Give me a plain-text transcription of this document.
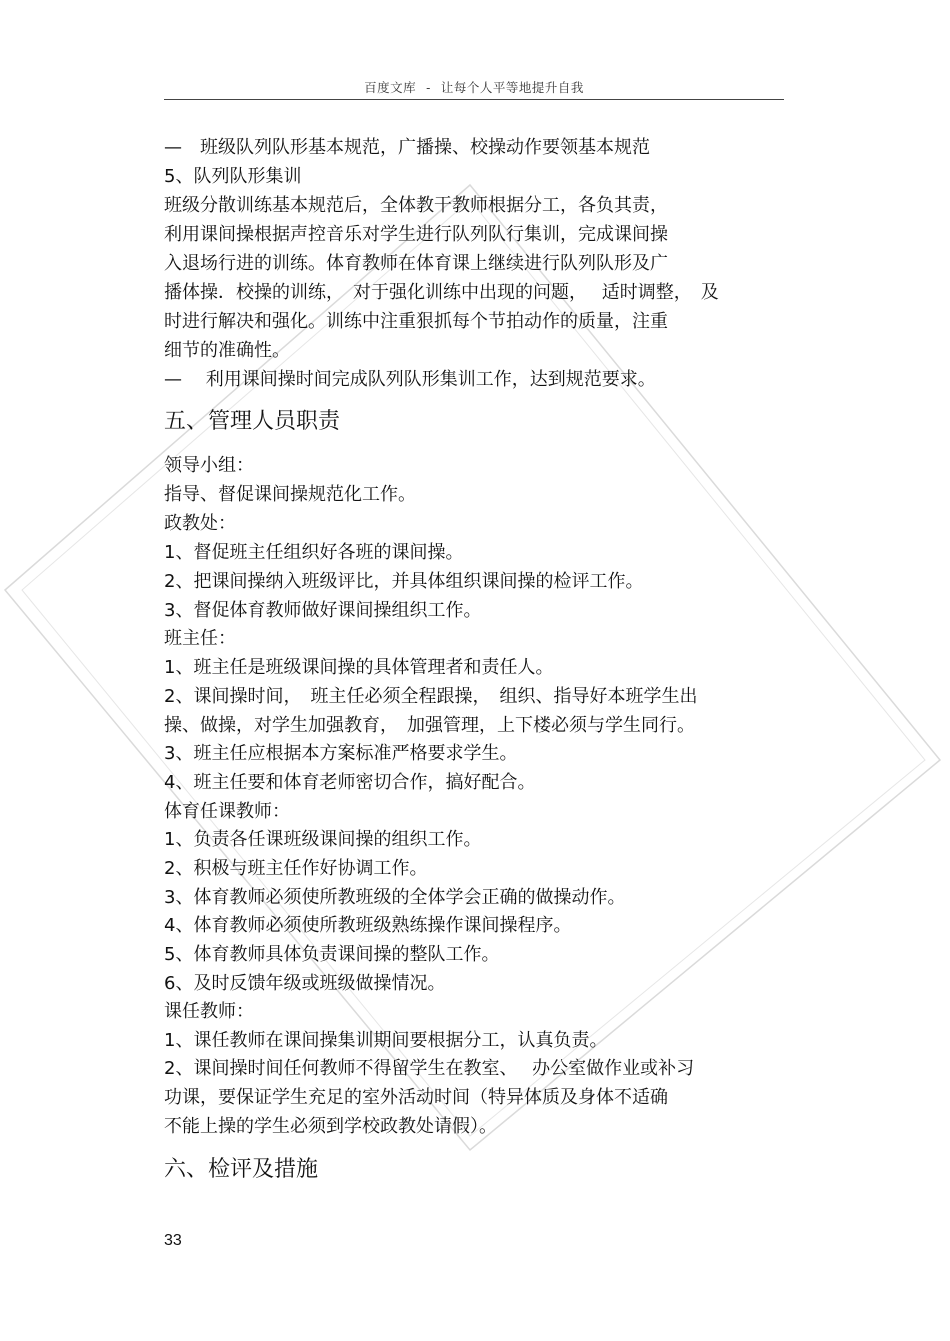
百度文库 - 让每个人平等地提升自我
—　班级队列队形基本规范，广播操、校操动作要领基本规范
5、队列队形集训
班级分散训练基本规范后，全体教干教师根据分工，各负其责，
利用课间操根据声控音乐对学生进行队列队行集训，完成课间操
入退场行进的训练。体育教师在体育课上继续进行队列队形及广
播体操．校操的训练，　对于强化训练中出现的问题，　 适时调整，　及
时进行解决和强化。训练中注重狠抓每个节拍动作的质量，注重
细节的准确性。
—　 利用课间操时间完成队列队形集训工作，达到规范要求。
五、管理人员职责
领导小组：
指导、督促课间操规范化工作。
政教处：
1、督促班主任组织好各班的课间操。
2、把课间操纳入班级评比，并具体组织课间操的检评工作。
3、督促体育教师做好课间操组织工作。
班主任：
1、班主任是班级课间操的具体管理者和责任人。
2、课间操时间，　班主任必须全程跟操，　组织、指导好本班学生出
操、做操，对学生加强教育，　加强管理，上下楼必须与学生同行。
3、班主任应根据本方案标准严格要求学生。
4、班主任要和体育老师密切合作，搞好配合。
体育任课教师：
1、负责各任课班级课间操的组织工作。
2、积极与班主任作好协调工作。
3、体育教师必须使所教班级的全体学会正确的做操动作。
4、体育教师必须使所教班级熟练操作课间操程序。
5、体育教师具体负责课间操的整队工作。
6、及时反馈年级或班级做操情况。
课任教师：
1、课任教师在课间操集训期间要根据分工，认真负责。
2、课间操时间任何教师不得留学生在教室、　 办公室做作业或补习
功课，要保证学生充足的室外活动时间（特异体质及身体不适确
不能上操的学生必须到学校政教处请假）。
六、检评及措施
33
